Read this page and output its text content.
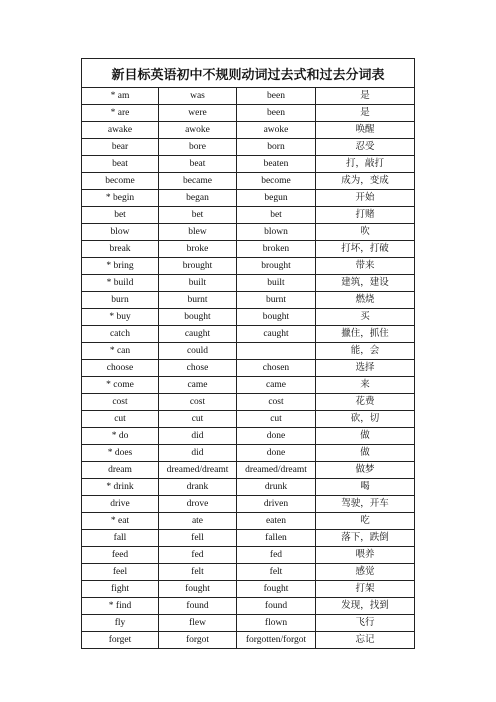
新目标英语初中不规则动词过去式和过去分词表			
* am	was	been	是
* are	were	been	是
awake	awoke	awoke	唤醒
bear	bore	born	忍受
beat	beat	beaten	打，敲打
become	became	become	成为，变成
* begin	began	begun	开始
bet	bet	bet	打赌
blow	blew	blown	吹
break	broke	broken	打坏，打破
* bring	brought	brought	带来
* build	built	built	建筑，建设
burn	burnt	burnt	燃烧
* buy	bought	bought	买
catch	caught	caught	擸住，抓住
* can	could		能，会
choose	chose	chosen	选择
* come	came	came	来
cost	cost	cost	花费
cut	cut	cut	砍，切
* do	did	done	做
* does	did	done	做
dream	dreamed/dreamt	dreamed/dreamt	做梦
* drink	drank	drunk	喝
drive	drove	driven	驾驶，开车
* eat	ate	eaten	吃
fall	fell	fallen	落下，跌倒
feed	fed	fed	喂养
feel	felt	felt	感觉
fight	fought	fought	打架
* find	found	found	发现，找到
fly	flew	flown	飞行
forget	forgot	forgotten/forgot	忘记
